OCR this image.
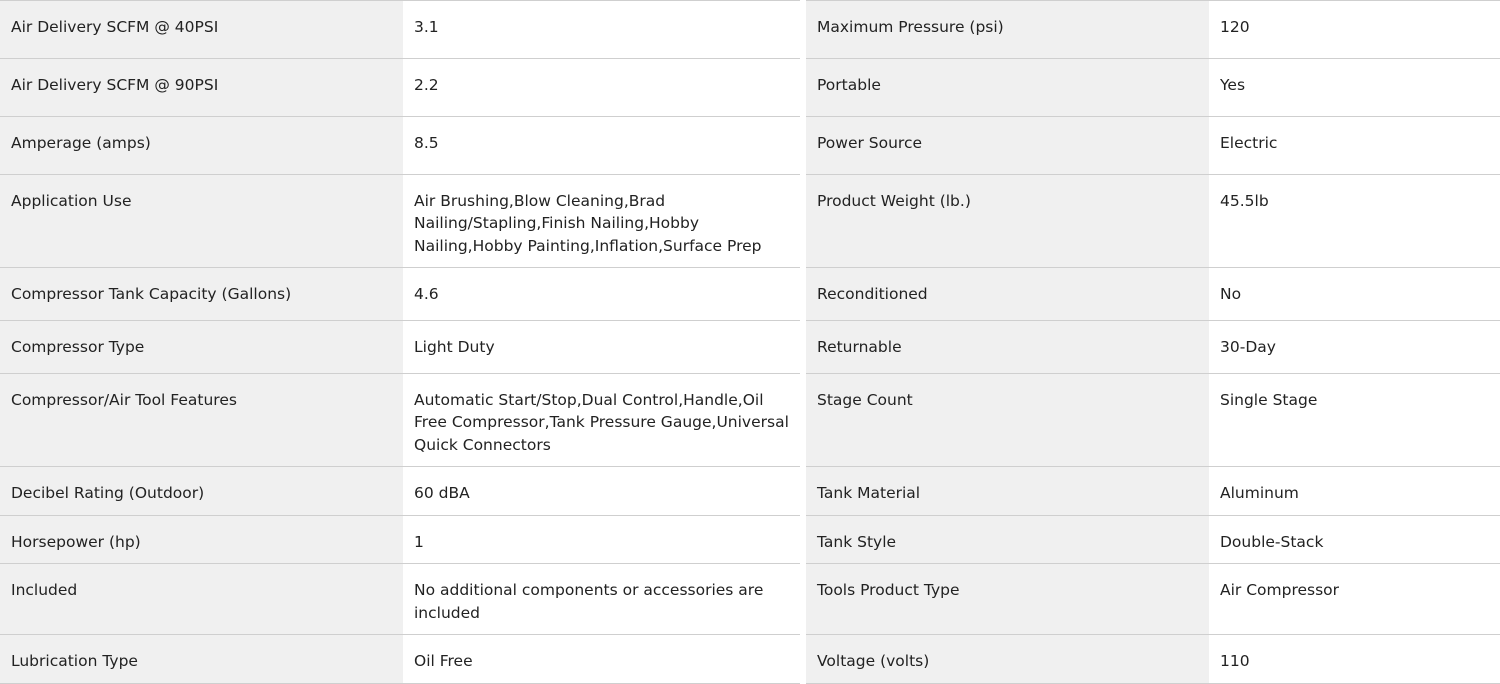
Air Delivery SCFM @ 40PSI	3.1
Air Delivery SCFM @ 90PSI	2.2
Amperage (amps)	8.5
Application Use	Air Brushing,Blow Cleaning,Brad Nailing/Stapling,Finish Nailing,Hobby Nailing,Hobby Painting,Inflation,Surface Prep
Compressor Tank Capacity (Gallons)	4.6
Compressor Type	Light Duty
Compressor/Air Tool Features	Automatic Start/Stop,Dual Control,Handle,Oil Free Compressor,Tank Pressure Gauge,Universal Quick Connectors
Decibel Rating (Outdoor)	60 dBA
Horsepower (hp)	1
Included	No additional components or accessories are included
Lubrication Type	Oil Free
Maximum Pressure (psi)	120
Portable	Yes
Power Source	Electric
Product Weight (lb.)	45.5lb
Reconditioned	No
Returnable	30-Day
Stage Count	Single Stage
Tank Material	Aluminum
Tank Style	Double-Stack
Tools Product Type	Air Compressor
Voltage (volts)	110
